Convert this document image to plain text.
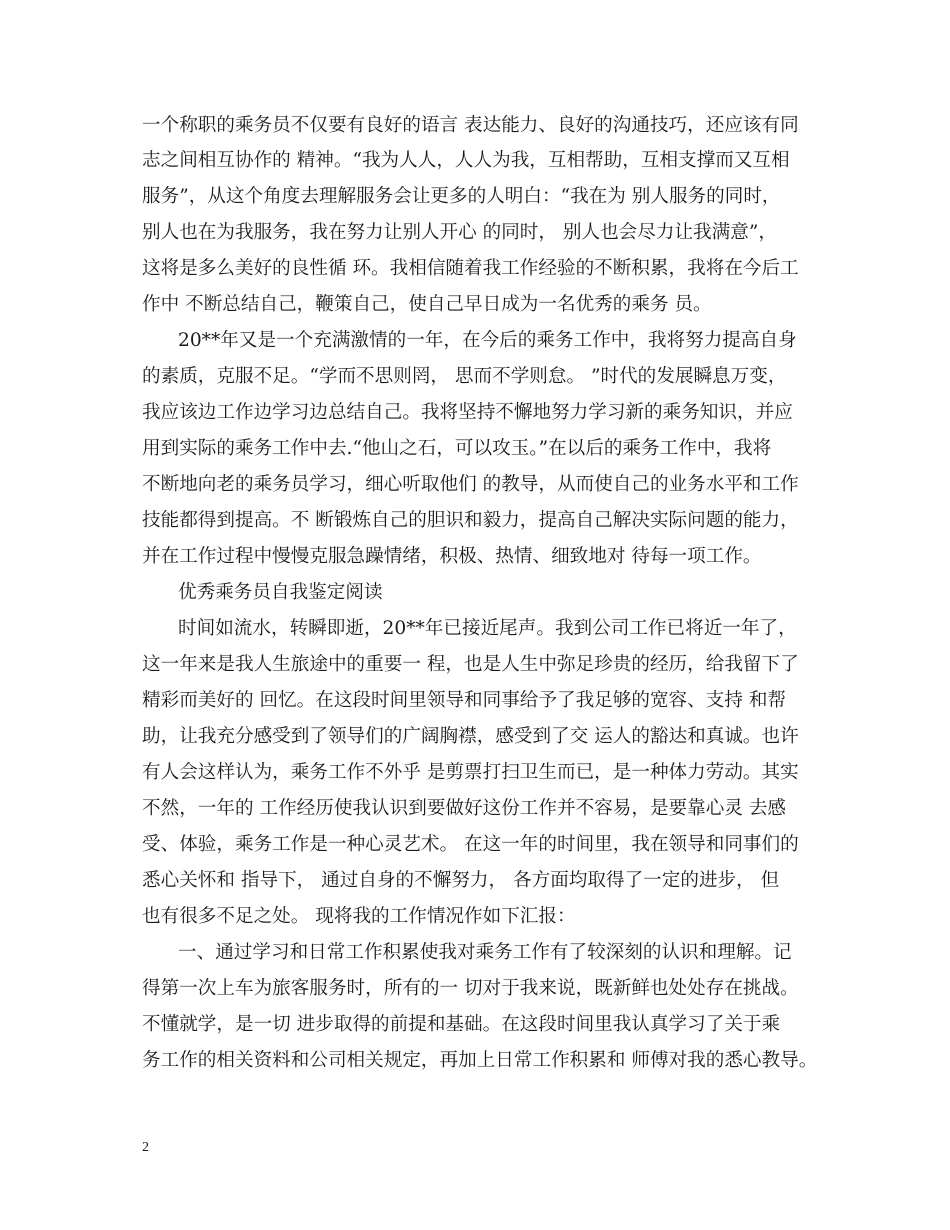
一个称职的乘务员不仅要有良好的语言 表达能力、良好的沟通技巧，还应该有同
志之间相互协作的 精神。“我为人人，人人为我，互相帮助，互相支撑而又互相
服务”，从这个角度去理解服务会让更多的人明白：“我在为 别人服务的同时，
别人也在为我服务，我在努力让别人开心 的同时， 别人也会尽力让我满意”，
这将是多么美好的良性循 环。我相信随着我工作经验的不断积累，我将在今后工
作中 不断总结自己，鞭策自己，使自己早日成为一名优秀的乘务 员。
20**年又是一个充满激情的一年，在今后的乘务工作中，我将努力提高自身
的素质，克服不足。“学而不思则罔， 思而不学则怠。 ”时代的发展瞬息万变，
我应该边工作边学习边总结自己。我将坚持不懈地努力学习新的乘务知识，并应
用到实际的乘务工作中去.“他山之石，可以攻玉。”在以后的乘务工作中，我将
不断地向老的乘务员学习，细心听取他们 的教导，从而使自己的业务水平和工作
技能都得到提高。不 断锻炼自己的胆识和毅力，提高自己解决实际问题的能力，
并在工作过程中慢慢克服急躁情绪，积极、热情、细致地对 待每一项工作。
优秀乘务员自我鉴定阅读
时间如流水，转瞬即逝，20**年已接近尾声。我到公司工作已将近一年了，
这一年来是我人生旅途中的重要一 程，也是人生中弥足珍贵的经历，给我留下了
精彩而美好的 回忆。在这段时间里领导和同事给予了我足够的宽容、支持 和帮
助，让我充分感受到了领导们的广阔胸襟，感受到了交 运人的豁达和真诚。也许
有人会这样认为，乘务工作不外乎 是剪票打扫卫生而已，是一种体力劳动。其实
不然，一年的 工作经历使我认识到要做好这份工作并不容易，是要靠心灵 去感
受、体验，乘务工作是一种心灵艺术。 在这一年的时间里，我在领导和同事们的
悉心关怀和 指导下， 通过自身的不懈努力， 各方面均取得了一定的进步， 但
也有很多不足之处。 现将我的工作情况作如下汇报：
一、通过学习和日常工作积累使我对乘务工作有了较深刻的认识和理解。记
得第一次上车为旅客服务时，所有的一 切对于我来说，既新鲜也处处存在挑战。
不懂就学，是一切 进步取得的前提和基础。在这段时间里我认真学习了关于乘
务工作的相关资料和公司相关规定，再加上日常工作积累和 师傅对我的悉心教导。
2
